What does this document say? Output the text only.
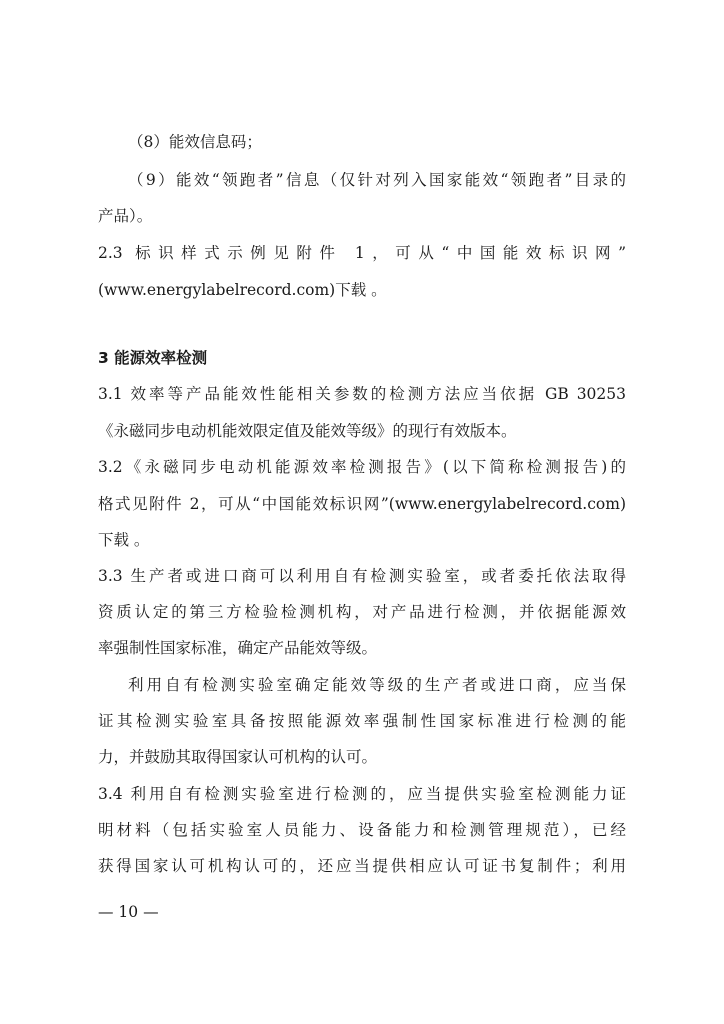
（8）能效信息码；
（9）能效“领跑者”信息（仅针对列入国家能效“领跑者”目录的
产品）。
2.3 标识样式示例见附件 1，可从“中国能效标识网”
(www.energylabelrecord.com)下载 。
3 能源效率检测
3.1 效率等产品能效性能相关参数的检测方法应当依据 GB 30253
《永磁同步电动机能效限定值及能效等级》的现行有效版本。
3.2《永磁同步电动机能源效率检测报告》(以下简称检测报告)的
格式见附件 2，可从“中国能效标识网”(www.energylabelrecord.com)
下载 。
3.3 生产者或进口商可以利用自有检测实验室，或者委托依法取得
资质认定的第三方检验检测机构，对产品进行检测，并依据能源效
率强制性国家标准，确定产品能效等级。
利用自有检测实验室确定能效等级的生产者或进口商，应当保
证其检测实验室具备按照能源效率强制性国家标准进行检测的能
力，并鼓励其取得国家认可机构的认可。
3.4 利用自有检测实验室进行检测的，应当提供实验室检测能力证
明材料（包括实验室人员能力、设备能力和检测管理规范），已经
获得国家认可机构认可的，还应当提供相应认可证书复制件；利用
— 10 —
